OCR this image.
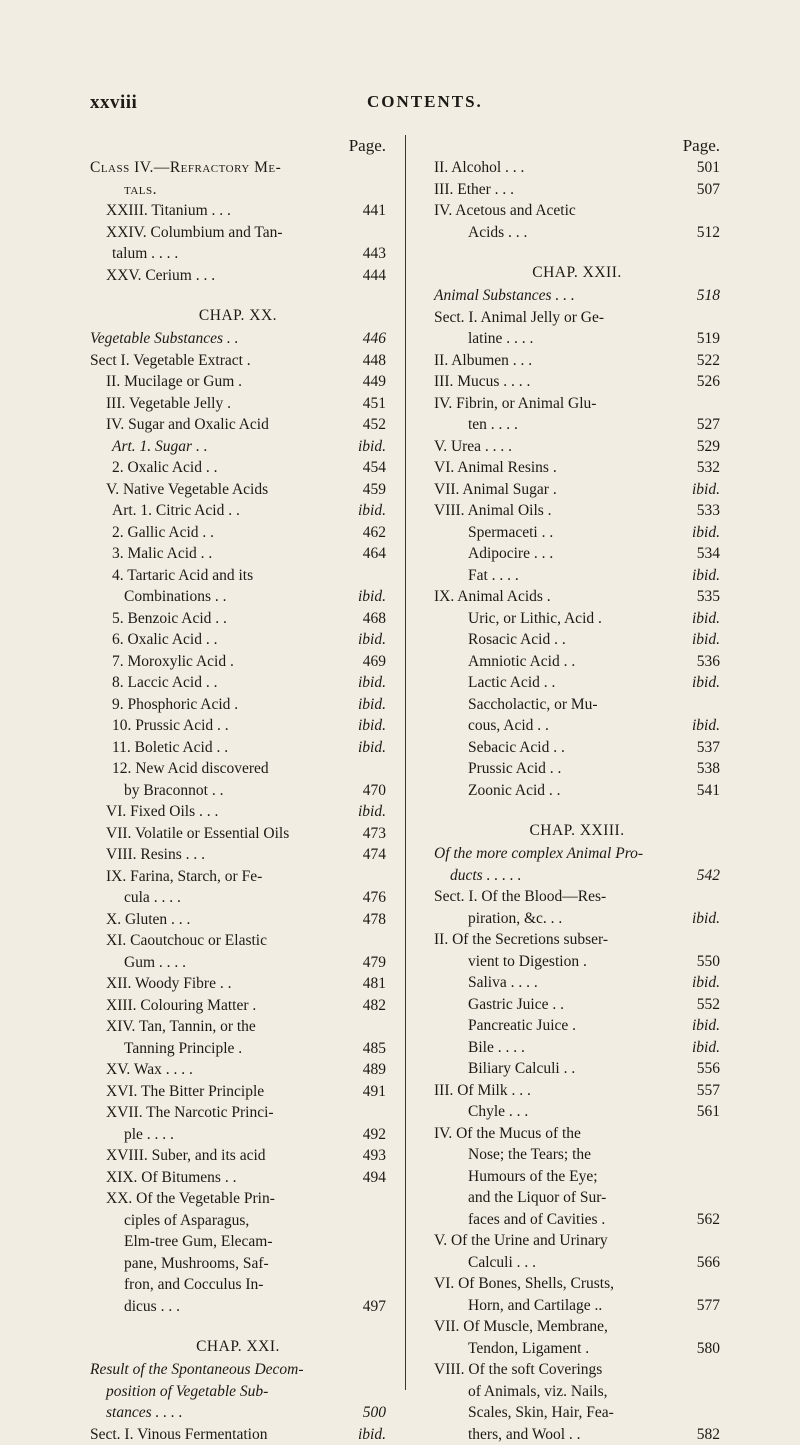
xxviii	CONTENTS.
Page.
Class IV.—Refractory Me-
tals.
XXIII. Titanium . . .	441
XXIV. Columbium and Tan-
talum . . . .	443
XXV. Cerium . . .	444
CHAP. XX.
Vegetable Substances . .	446
Sect I. Vegetable Extract .	448
II. Mucilage or Gum .	449
III. Vegetable Jelly .	451
IV. Sugar and Oxalic Acid	452
Art. 1. Sugar . .	ibid.
2. Oxalic Acid . .	454
V. Native Vegetable Acids	459
Art. 1. Citric Acid . .	ibid.
2. Gallic Acid . .	462
3. Malic Acid . .	464
4. Tartaric Acid and its
Combinations . .	ibid.
5. Benzoic Acid . .	468
6. Oxalic Acid . .	ibid.
7. Moroxylic Acid .	469
8. Laccic Acid . .	ibid.
9. Phosphoric Acid .	ibid.
10. Prussic Acid . .	ibid.
11. Boletic Acid . .	ibid.
12. New Acid discovered
by Braconnot . .	470
VI. Fixed Oils . . .	ibid.
VII. Volatile or Essential Oils	473
VIII. Resins . . .	474
IX. Farina, Starch, or Fe-
cula . . . .	476
X. Gluten . . .	478
XI. Caoutchouc or Elastic
Gum . . . .	479
XII. Woody Fibre . .	481
XIII. Colouring Matter .	482
XIV. Tan, Tannin, or the
Tanning Principle .	485
XV. Wax . . . .	489
XVI. The Bitter Principle	491
XVII. The Narcotic Princi-
ple . . . .	492
XVIII. Suber, and its acid	493
XIX. Of Bitumens . .	494
XX. Of the Vegetable Prin-
ciples of Asparagus,
Elm-tree Gum, Elecam-
pane, Mushrooms, Saf-
fron, and Cocculus In-
dicus . . .	497
CHAP. XXI.
Result of the Spontaneous Decom-
position of Vegetable Sub-
stances . . . .	500
Sect. I. Vinous Fermentation	ibid.
Page.
II. Alcohol . . .	501
III. Ether . . .	507
IV. Acetous and Acetic
Acids . . .	512
CHAP. XXII.
Animal Substances . . .	518
Sect. I. Animal Jelly or Ge-
latine . . . .	519
II. Albumen . . .	522
III. Mucus . . . .	526
IV. Fibrin, or Animal Glu-
ten . . . .	527
V. Urea . . . .	529
VI. Animal Resins .	532
VII. Animal Sugar .	ibid.
VIII. Animal Oils .	533
Spermaceti . .	ibid.
Adipocire . . .	534
Fat . . . .	ibid.
IX. Animal Acids .	535
Uric, or Lithic, Acid .	ibid.
Rosacic Acid . .	ibid.
Amniotic Acid . .	536
Lactic Acid . .	ibid.
Saccholactic, or Mu-
cous, Acid . .	ibid.
Sebacic Acid . .	537
Prussic Acid . .	538
Zoonic Acid . .	541
CHAP. XXIII.
Of the more complex Animal Pro-
ducts . . . . .	542
Sect. I. Of the Blood—Res-
piration, &c. . .	ibid.
II. Of the Secretions subser-
vient to Digestion .	550
Saliva . . . .	ibid.
Gastric Juice . .	552
Pancreatic Juice .	ibid.
Bile . . . .	ibid.
Biliary Calculi . .	556
III. Of Milk . . .	557
Chyle . . .	561
IV. Of the Mucus of the
Nose; the Tears; the
Humours of the Eye;
and the Liquor of Sur-
faces and of Cavities .	562
V. Of the Urine and Urinary
Calculi . . .	566
VI. Of Bones, Shells, Crusts,
Horn, and Cartilage ..	577
VII. Of Muscle, Membrane,
Tendon, Ligament .	580
VIII. Of the soft Coverings
of Animals, viz. Nails,
Scales, Skin, Hair, Fea-
thers, and Wool . .	582
